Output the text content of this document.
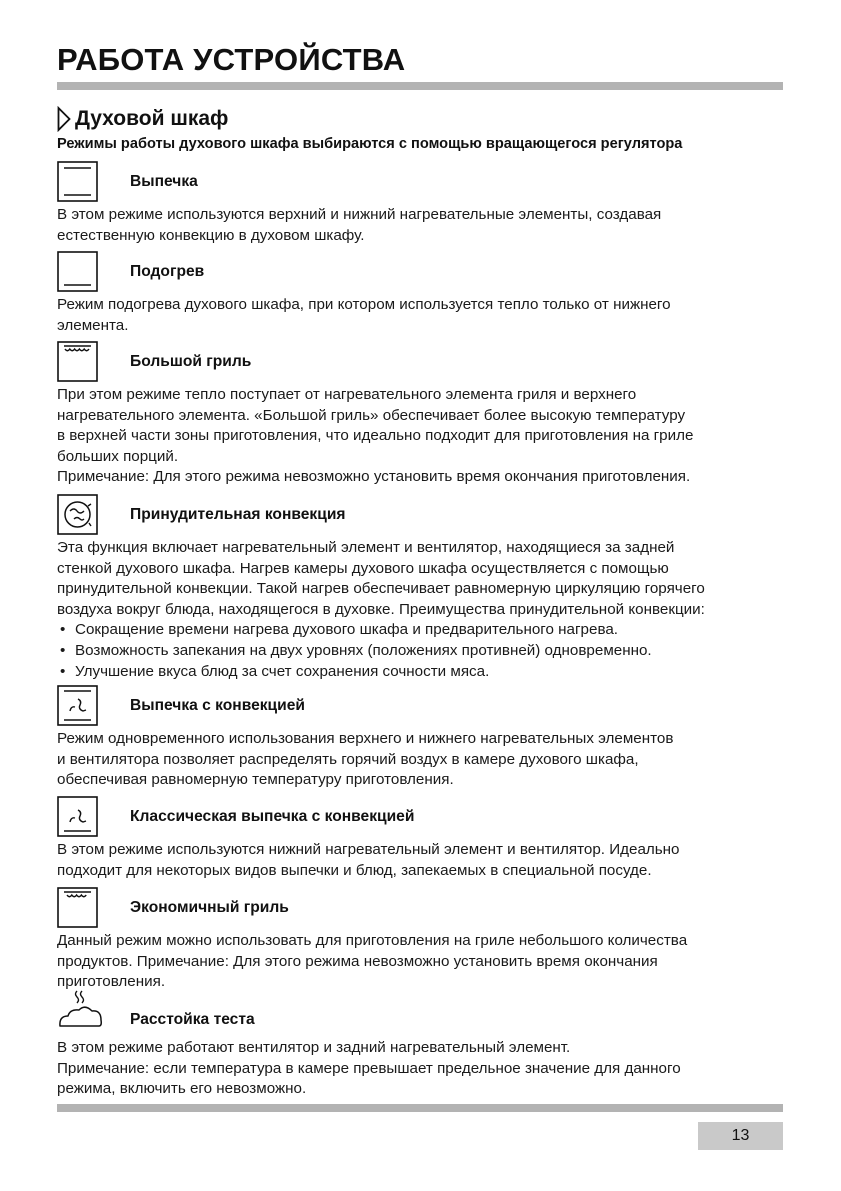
РАБОТА УСТРОЙСТВА
Духовой шкаф
Режимы работы духового шкафа выбираются с помощью вращающегося регулятора
Выпечка

В этом режиме используются верхний и нижний нагревательные элементы, создавая
естественную конвекцию в духовом шкафу.

Подогрев

Режим подогрева духового шкафа, при котором используется тепло только от нижнего
элемента.

Большой гриль

При этом режиме тепло поступает от нагревательного элемента гриля и верхнего
нагревательного элемента. «Большой гриль» обеспечивает более высокую температуру
в верхней части зоны приготовления, что идеально подходит для приготовления на гриле
больших порций.
Примечание: Для этого режима невозможно установить время окончания приготовления.

Принудительная конвекция

Эта функция включает нагревательный элемент и вентилятор, находящиеся за задней
стенкой духового шкафа. Нагрев камеры духового шкафа осуществляется с помощью
принудительной конвекции. Такой нагрев обеспечивает равномерную циркуляцию горячего
воздуха вокруг блюда, находящегося в духовке. Преимущества принудительной конвекции:

• Сокращение времени нагрева духового шкафа и предварительного нагрева.
• Возможность запекания на двух уровнях (положениях противней) одновременно.
• Улучшение вкуса блюд за счет сохранения сочности мяса.
Выпечка с конвекцией

Режим одновременного использования верхнего и нижнего нагревательных элементов
и вентилятора позволяет распределять горячий воздух в камере духового шкафа,
обеспечивая равномерную температуру приготовления.

Классическая выпечка с конвекцией

В этом режиме используются нижний нагревательный элемент и вентилятор. Идеально
подходит для некоторых видов выпечки и блюд, запекаемых в специальной посуде.

Экономичный гриль

Данный режим можно использовать для приготовления на гриле небольшого количества
продуктов. Примечание: Для этого режима невозможно установить время окончания
приготовления.

Расстойка теста

В этом режиме работают вентилятор и задний нагревательный элемент.
Примечание: если температура в камере превышает предельное значение для данного
режима, включить его невозможно.

13
